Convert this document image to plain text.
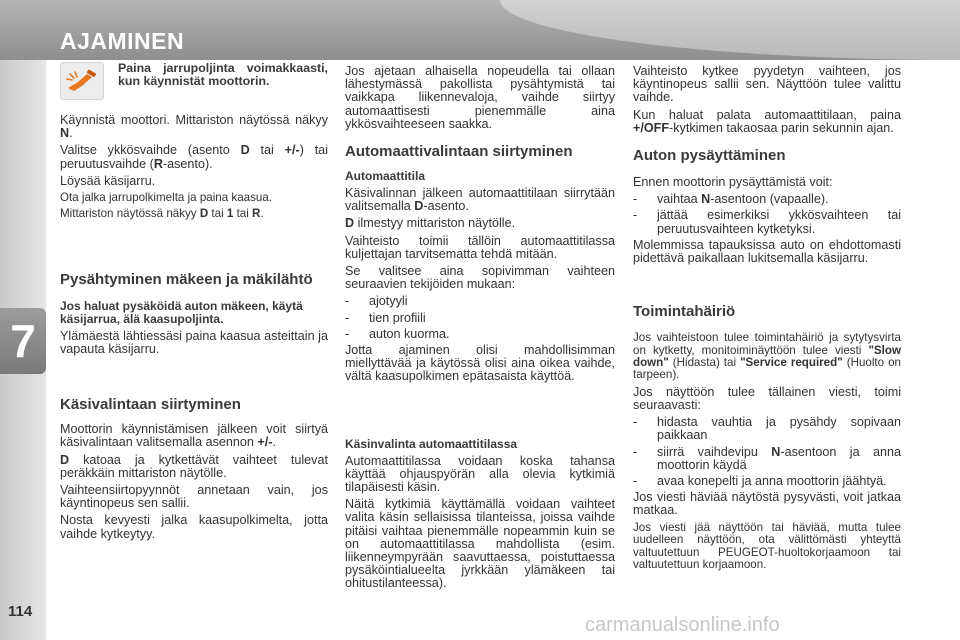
AJAMINEN
7
114
Paina jarrupoljinta voimakkaasti, kun käynnistät moottorin.

Käynnistä moottori. Mittariston näytössä näkyy N.

Valitse ykkösvaihde (asento D tai +/-) tai peruutusvaihde (R-asento).

Löysää käsijarru.

Ota jalka jarrupolkimelta ja paina kaasua.

Mittariston näytössä näkyy D tai 1 tai R.

Pysähtyminen mäkeen ja mäkilähtö
Jos haluat pysäköidä auton mäkeen, käytä käsijarrua, älä kaasupoljinta.

Ylämäestä lähtiessäsi paina kaasua asteittain ja vapauta käsijarru.

Käsivalintaan siirtyminen

Moottorin käynnistämisen jälkeen voit siirtyä käsivalintaan valitsemalla asennon +/-.

D katoaa ja kytkettävät vaihteet tulevat peräkkäin mittariston näytölle.

Vaihteensiirtopyynnöt annetaan vain, jos käyntinopeus sen sallii.

Nosta kevyesti jalka kaasupolkimelta, jotta vaihde kytkeytyy.

Jos ajetaan alhaisella nopeudella tai ollaan lähestymässä pakollista pysähtymistä tai vaikkapa liikennevaloja, vaihde siirtyy automaattisesti pienemmälle aina ykkösvaihteeseen saakka.

Automaattivalintaan siirtyminen
Automaattitila

Käsivalinnan jälkeen automaattitilaan siirrytään valitsemalla D-asento.

D ilmestyy mittariston näytölle.

Vaihteisto toimii tällöin automaattitilassa kuljettajan tarvitsematta tehdä mitään.

Se valitsee aina sopivimman vaihteen seuraavien tekijöiden mukaan:

-	ajotyyli
-	tien profiili
-	auton kuorma.

Jotta ajaminen olisi mahdollisimman miellyttävää ja käytössä olisi aina oikea vaihde, vältä kaasupolkimen epätasaista käyttöä.

Käsinvalinta automaattitilassa

Automaattitilassa voidaan koska tahansa käyttää ohjauspyörän alla olevia kytkimiä tilapäisesti käsin.

Näitä kytkimiä käyttämällä voidaan vaihteet valita käsin sellaisissa tilanteissa, joissa vaihde pitäisi vaihtaa pienemmälle nopeammin kuin se on automaattitilassa mahdollista (esim. liikenneympyrään saavuttaessa, poistuttaessa pysäköintialueelta jyrkkään ylämäkeen tai ohitustilanteessa).

Vaihteisto kytkee pyydetyn vaihteen, jos käyntinopeus sallii sen. Näyttöön tulee valittu vaihde.

Kun haluat palata automaattitilaan, paina +/OFF-kytkimen takaosaa parin sekunnin ajan.

Auton pysäyttäminen

Ennen moottorin pysäyttämistä voit:

-	vaihtaa N-asentoon (vapaalle).
-	jättää esimerkiksi ykkösvaihteen tai peruutusvaihteen kytketyksi.

Molemmissa tapauksissa auto on ehdottomasti pidettävä paikallaan lukitsemalla käsijarru.

Toimintahäiriö

Jos vaihteistoon tulee toimintahäiriö ja sytytysvirta on kytketty, monitoiminäyttöön tulee viesti "Slow down" (Hidasta) tai "Service required" (Huolto on tarpeen).

Jos näyttöön tulee tällainen viesti, toimi seuraavasti:

-	hidasta vauhtia ja pysähdy sopivaan paikkaan
-	siirrä vaihdevipu N-asentoon ja anna moottorin käydä
-	avaa konepelti ja anna moottorin jäähtyä.

Jos viesti häviää näytöstä pysyvästi, voit jatkaa matkaa.

Jos viesti jää näyttöön tai häviää, mutta tulee uudelleen näyttöön, ota välittömästi yhteyttä valtuutettuun PEUGEOT-huoltokorjaamoon tai valtuutettuun korjaamoon.

carmanualsonline.info
